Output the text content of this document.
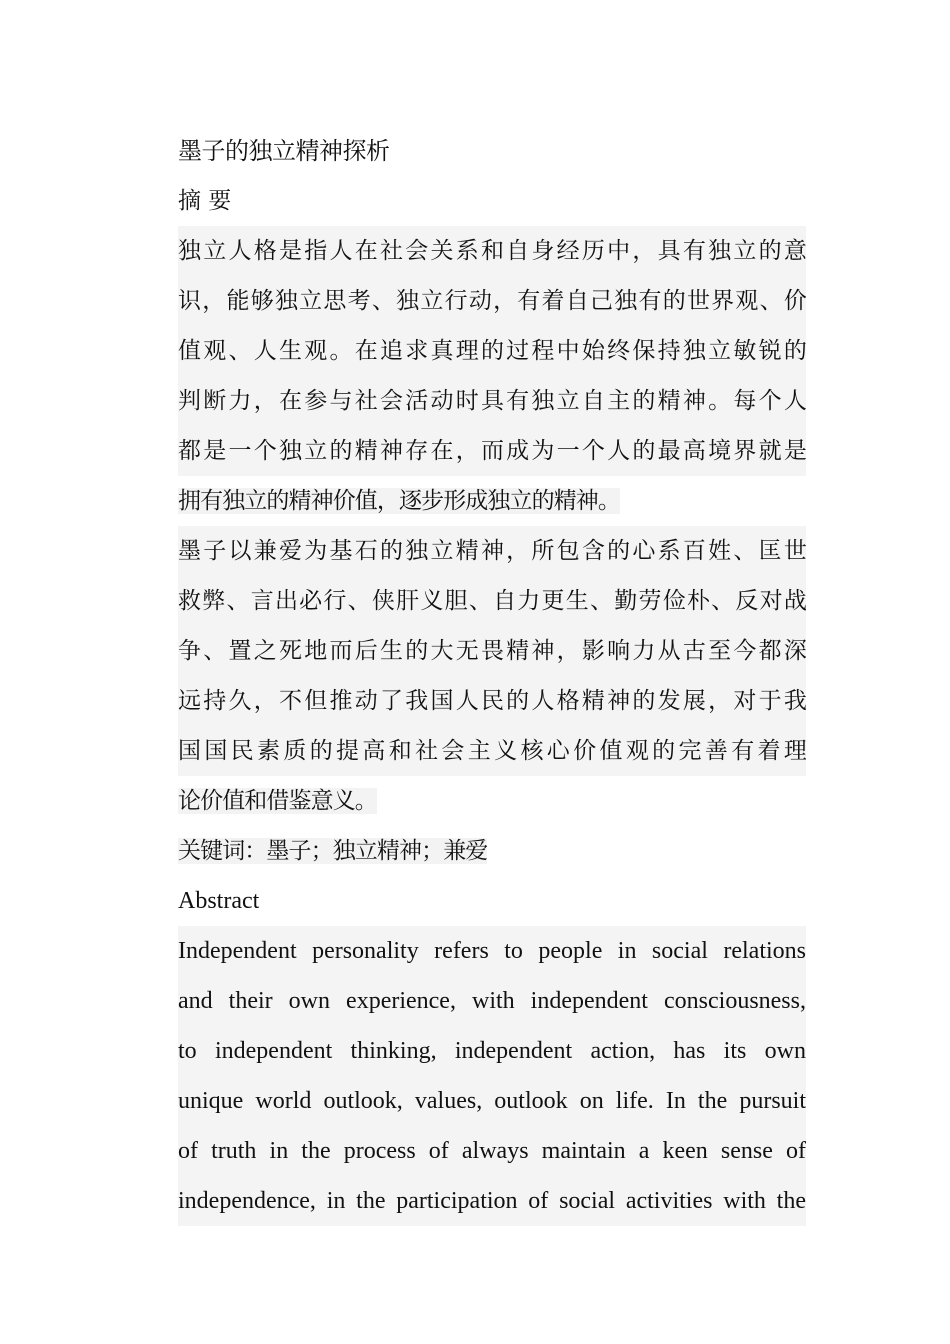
墨子的独立精神探析

摘 要

独立人格是指人在社会关系和自身经历中，具有独立的意
识，能够独立思考、独立行动，有着自己独有的世界观、价
值观、人生观。在追求真理的过程中始终保持独立敏锐的
判断力，在参与社会活动时具有独立自主的精神。每个人
都是一个独立的精神存在，而成为一个人的最高境界就是
拥有独立的精神价值，逐步形成独立的精神。
墨子以兼爱为基石的独立精神，所包含的心系百姓、匡世
救弊、言出必行、侠肝义胆、自力更生、勤劳俭朴、反对战
争、置之死地而后生的大无畏精神，影响力从古至今都深
远持久，不但推动了我国人民的人格精神的发展，对于我
国国民素质的提高和社会主义核心价值观的完善有着理
论价值和借鉴意义。

关键词：墨子；独立精神；兼爱

Abstract

Independent personality refers to people in social relations
and their own experience, with independent consciousness,
to independent thinking, independent action, has its own
unique world outlook, values, outlook on life. In the pursuit
of truth in the process of always maintain a keen sense of
independence, in the participation of social activities with the
